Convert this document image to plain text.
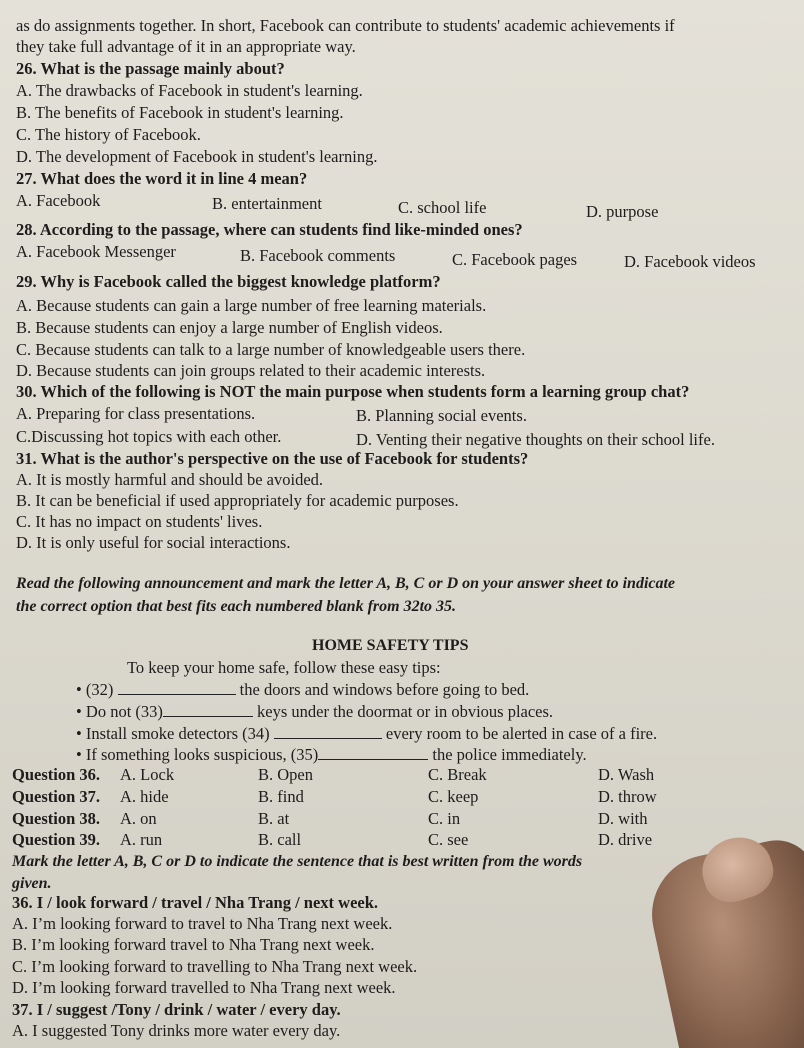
as do assignments together. In short, Facebook can contribute to students' academic achievements if
they take full advantage of it in an appropriate way.
26. What is the passage mainly about?
A. The drawbacks of Facebook in student's learning.
B. The benefits of Facebook in student's learning.
C. The history of Facebook.
D. The development of Facebook in student's learning.
27. What does the word it in line 4 mean?
A. Facebook	B. entertainment	C. school life	D. purpose
28. According to the passage, where can students find like-minded ones?
A. Facebook Messenger	B. Facebook comments	C. Facebook pages	D. Facebook videos
29. Why is Facebook called the biggest knowledge platform?
A. Because students can gain a large number of free learning materials.
B. Because students can enjoy a large number of English videos.
C. Because students can talk to a large number of knowledgeable users there.
D. Because students can join groups related to their academic interests.
30. Which of the following is NOT the main purpose when students form a learning group chat?
A. Preparing for class presentations.	B. Planning social events.
C.Discussing hot topics with each other.	D. Venting their negative thoughts on their school life.
31. What is the author's perspective on the use of Facebook for students?
A. It is mostly harmful and should be avoided.
B. It can be beneficial if used appropriately for academic purposes.
C. It has no impact on students' lives.
D. It is only useful for social interactions.
Read the following announcement and mark the letter A, B, C or D on your answer sheet to indicate
the correct option that best fits each numbered blank from 32to 35.
HOME SAFETY TIPS
To keep your home safe, follow these easy tips:
• (32)	the doors and windows before going to bed.
• Do not (33)	keys under the doormat or in obvious places.
• Install smoke detectors (34)	every room to be alerted in case of a fire.
• If something looks suspicious, (35)	the police immediately.
Question 36. A. Lock	B. Open	C. Break	D. Wash
Question 37. A. hide	B. find	C. keep	D. throw
Question 38. A. on	B. at	C. in	D. with
Question 39. A. run	B. call	C. see	D. drive
Mark the letter A, B, C or D to indicate the sentence that is best written from the words
given.
36. I / look forward / travel / Nha Trang / next week.
A. I’m looking forward to travel to Nha Trang next week.
B. I’m looking forward travel to Nha Trang next week.
C. I’m looking forward to travelling to Nha Trang next week.
D. I’m looking forward travelled to Nha Trang next week.
37. I / suggest /Tony / drink / water / every day.
A. I suggested Tony drinks more water every day.
